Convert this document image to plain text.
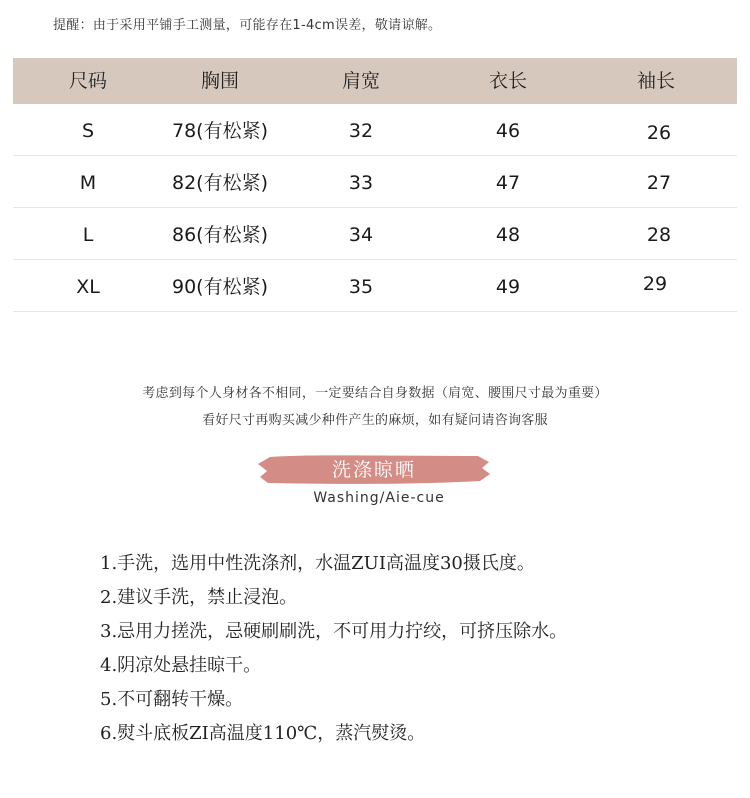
提醒：由于采用平铺手工测量，可能存在1-4cm误差，敬请谅解。
尺码	胸围	肩宽	衣长	袖长
S	78(有松紧)	32	46	26
M	82(有松紧)	33	47	27
L	86(有松紧)	34	48	28
XL	90(有松紧)	35	49	29
考虑到每个人身材各不相同，一定要结合自身数据（肩宽、腰围尺寸最为重要）
看好尺寸再购买减少种件产生的麻烦，如有疑问请咨询客服
洗涤晾晒
Washing/Aie-cue
1.手洗，选用中性洗涤剂，水温ZUI高温度30摄氏度。
2.建议手洗，禁止浸泡。
3.忌用力搓洗，忌硬刷刷洗，不可用力拧绞，可挤压除水。
4.阴凉处悬挂晾干。
5.不可翻转干燥。
6.熨斗底板ZI高温度110℃，蒸汽熨烫。
